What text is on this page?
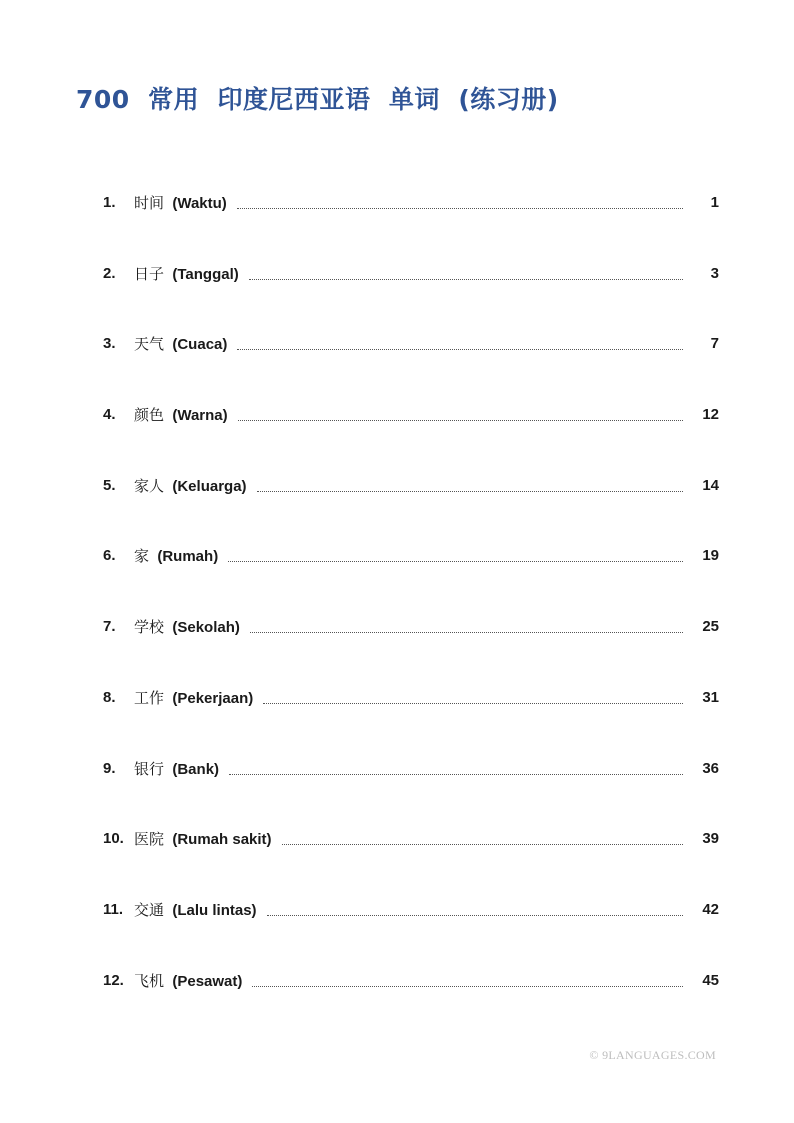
700  常用  印度尼西亚语  单词  (练习册)
1.	时间 (Waktu)	1
2.	日子 (Tanggal)	3
3.	天气 (Cuaca)	7
4.	颜色 (Warna)	12
5.	家人 (Keluarga)	14
6.	家 (Rumah)	19
7.	学校 (Sekolah)	25
8.	工作 (Pekerjaan)	31
9.	银行 (Bank)	36
10. 医院 (Rumah sakit)	39
11. 交通 (Lalu lintas)	42
12. 飞机 (Pesawat)	45
© 9LANGUAGES.COM
